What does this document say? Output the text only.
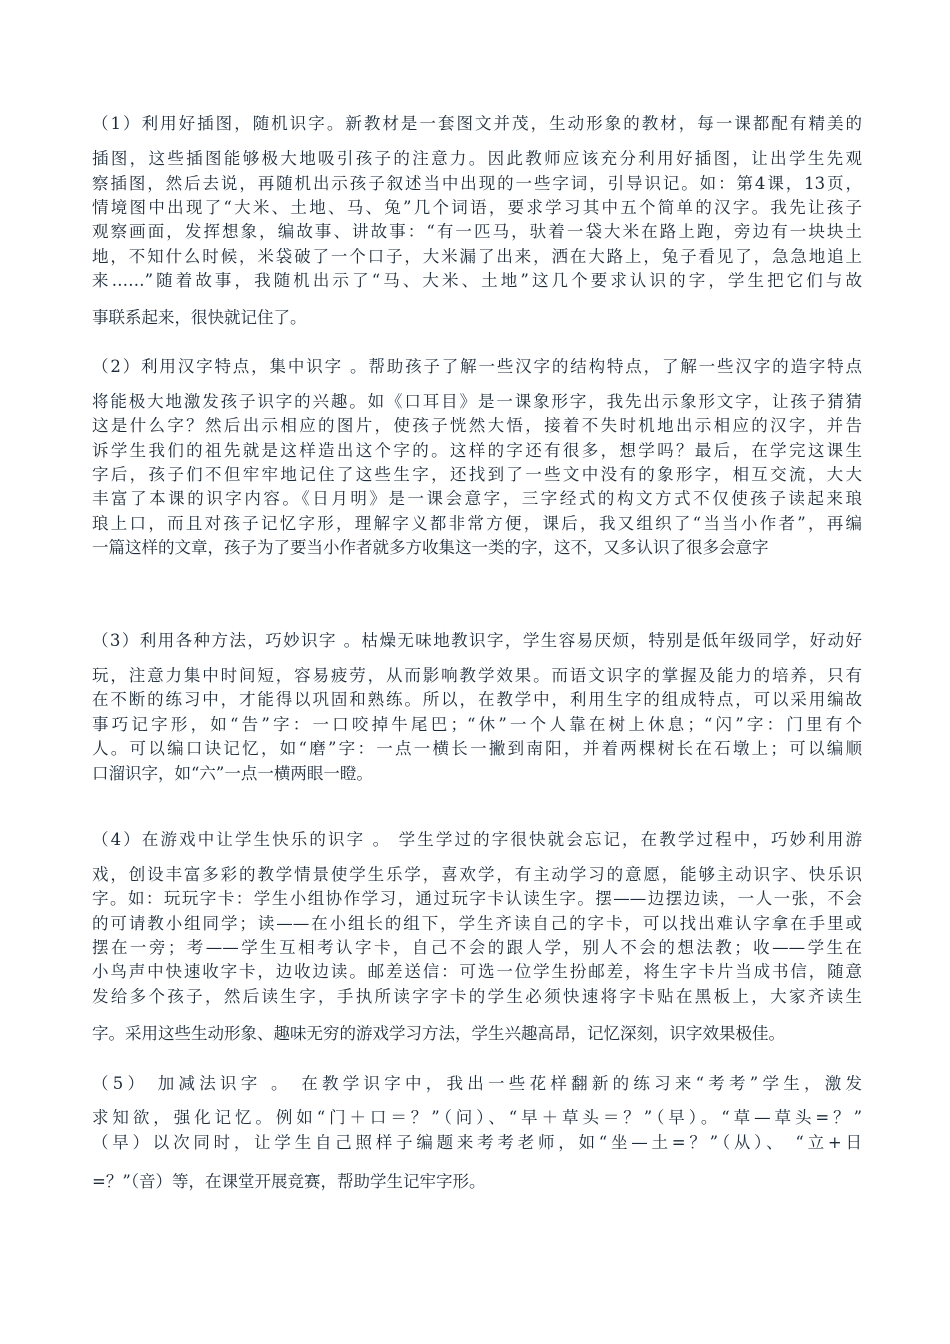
（1）利用好插图，随机识字。新教材是一套图文并茂，生动形象的教材，每一课都配有精美的
插图，这些插图能够极大地吸引孩子的注意力。因此教师应该充分利用好插图，让出学生先观
察插图，然后去说，再随机出示孩子叙述当中出现的一些字词，引导识记。如：第4课，13页，
情境图中出现了“大米、土地、马、兔”几个词语，要求学习其中五个简单的汉字。我先让孩子
观察画面，发挥想象，编故事、讲故事：“有一匹马，驮着一袋大米在路上跑，旁边有一块块土
地，不知什么时候，米袋破了一个口子，大米漏了出来，洒在大路上，兔子看见了，急急地追上
来……”随着故事，我随机出示了“马、大米、土地”这几个要求认识的字，学生把它们与故
事联系起来，很快就记住了。
（2）利用汉字特点，集中识字 。帮助孩子了解一些汉字的结构特点，了解一些汉字的造字特点
将能极大地激发孩子识字的兴趣。如《口耳目》是一课象形字，我先出示象形文字，让孩子猜猜
这是什么字？然后出示相应的图片，使孩子恍然大悟，接着不失时机地出示相应的汉字，并告
诉学生我们的祖先就是这样造出这个字的。这样的字还有很多，想学吗？最后，在学完这课生
字后，孩子们不但牢牢地记住了这些生字，还找到了一些文中没有的象形字，相互交流，大大
丰富了本课的识字内容。《日月明》是一课会意字，三字经式的构文方式不仅使孩子读起来琅
琅上口，而且对孩子记忆字形，理解字义都非常方便，课后，我又组织了“当当小作者”，再编
一篇这样的文章，孩子为了要当小作者就多方收集这一类的字，这不，又多认识了很多会意字
（3）利用各种方法，巧妙识字 。枯燥无味地教识字，学生容易厌烦，特别是低年级同学，好动好
玩，注意力集中时间短，容易疲劳，从而影响教学效果。而语文识字的掌握及能力的培养，只有
在不断的练习中，才能得以巩固和熟练。所以，在教学中，利用生字的组成特点，可以采用编故
事巧记字形，如“告”字：一口咬掉牛尾巴；“休”一个人靠在树上休息；“闪”字：门里有个
人。可以编口诀记忆，如“磨”字：一点一横长一撇到南阳，并着两棵树长在石墩上；可以编顺
口溜识字，如“六”一点一横两眼一瞪。
（4）在游戏中让学生快乐的识字 。 学生学过的字很快就会忘记，在教学过程中，巧妙利用游
戏，创设丰富多彩的教学情景使学生乐学，喜欢学，有主动学习的意愿，能够主动识字、快乐识
字。如：玩玩字卡：学生小组协作学习，通过玩字卡认读生字。摆——边摆边读，一人一张，不会
的可请教小组同学；读——在小组长的组下，学生齐读自己的字卡，可以找出难认字拿在手里或
摆在一旁；考——学生互相考认字卡，自己不会的跟人学，别人不会的想法教；收——学生在
小鸟声中快速收字卡，边收边读。邮差送信：可选一位学生扮邮差，将生字卡片当成书信，随意
发给多个孩子，然后读生字，手执所读字字卡的学生必须快速将字卡贴在黑板上，大家齐读生
字。采用这些生动形象、趣味无穷的游戏学习方法，学生兴趣高昂，记忆深刻，识字效果极佳。
（5） 加减法识字 。 在教学识字中，我出一些花样翻新的练习来“考考”学生，激发
求知欲，强化记忆。例如“门＋口＝？”（问）、“早＋草头＝？”（早）。“草—草头=？”
（早）以次同时，让学生自己照样子编题来考考老师，如“坐—土=？”（从）、 “立+日
=？”（音）等，在课堂开展竞赛，帮助学生记牢字形。
